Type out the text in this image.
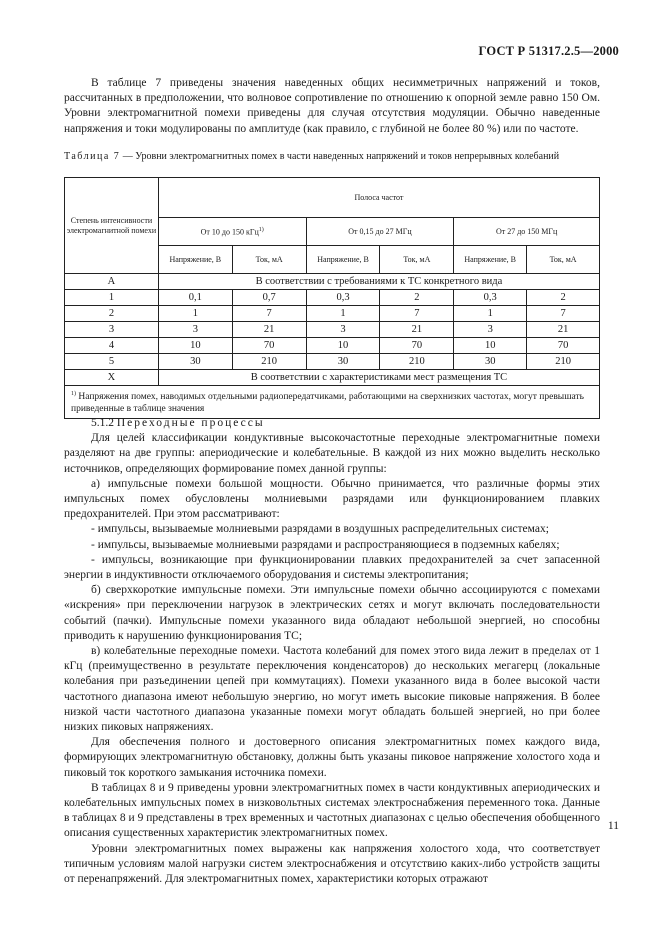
ГОСТ Р 51317.2.5—2000

В таблице 7 приведены значения наведенных общих несимметричных напряжений и токов, рассчитанных в предположении, что волновое сопротивление по отношению к опорной земле равно 150 Ом. Уровни электромагнитной помехи приведены для случая отсутствия модуляции. Обычно наведенные напряжения и токи модулированы по амплитуде (как правило, с глубиной не более 80 %) или по частоте.

Таблица 7 — Уровни электромагнитных помех в части наведенных напряжений и токов непрерывных колебаний
Степень интенсивности электромагнитной помехи	Полоса частот					
	От 10 до 150 кГц$^{1)}$		От 0,15 до 27 МГц		От 27 до 150 МГц	
	Напряжение, В	Ток, мА	Напряжение, В	Ток, мА	Напряжение, В	Ток, мА
A	В соответствии с требованиями к ТС конкретного вида					
1	0,1	0,7	0,3	2	0,3	2
2	1	7	1	7	1	7
3	3	21	3	21	3	21
4	10	70	10	70	10	70
5	30	210	30	210	30	210
X	В соответствии с характеристиками мест размещения ТС					
$^{1)}$ Напряжения помех, наводимых отдельными радиопередатчиками, работающими на сверхнизких частотах, могут превышать приведенные в таблице значения						

5.1.2 Переходные процессы

Для целей классификации кондуктивные высокочастотные переходные электромагнитные помехи разделяют на две группы: апериодические и колебательные. В каждой из них можно выделить несколько источников, определяющих формирование помех данной группы:

а) импульсные помехи большой мощности. Обычно принимается, что различные формы этих импульсных помех обусловлены молниевыми разрядами или функционированием плавких предохранителей. При этом рассматривают:

- импульсы, вызываемые молниевыми разрядами в воздушных распределительных системах;

- импульсы, вызываемые молниевыми разрядами и распространяющиеся в подземных кабелях;

- импульсы, возникающие при функционировании плавких предохранителей за счет запасенной энергии в индуктивности отключаемого оборудования и системы электропитания;

б) сверхкороткие импульсные помехи. Эти импульсные помехи обычно ассоциируются с помехами «искрения» при переключении нагрузок в электрических сетях и могут включать последовательности событий (пачки). Импульсные помехи указанного вида обладают небольшой энергией, но способны приводить к нарушению функционирования ТС;

в) колебательные переходные помехи. Частота колебаний для помех этого вида лежит в пределах от 1 кГц (преимущественно в результате переключения конденсаторов) до нескольких мегагерц (локальные колебания при разъединении цепей при коммутациях). Помехи указанного вида в более высокой части частотного диапазона имеют небольшую энергию, но могут иметь высокие пиковые напряжения. В более низкой части частотного диапазона указанные помехи могут обладать большей энергией, но при более низких пиковых напряжениях.

Для обеспечения полного и достоверного описания электромагнитных помех каждого вида, формирующих электромагнитную обстановку, должны быть указаны пиковое напряжение холостого хода и пиковый ток короткого замыкания источника помехи.

В таблицах 8 и 9 приведены уровни электромагнитных помех в части кондуктивных апериодических и колебательных импульсных помех в низковольтных системах электроснабжения переменного тока. Данные в таблицах 8 и 9 представлены в трех временных и частотных диапазонах с целью обеспечения обобщенного описания существенных характеристик электромагнитных помех.

Уровни электромагнитных помех выражены как напряжения холостого хода, что соответствует типичным условиям малой нагрузки систем электроснабжения и отсутствию каких-либо устройств защиты от перенапряжений. Для электромагнитных помех, характеристики которых отражают

11
